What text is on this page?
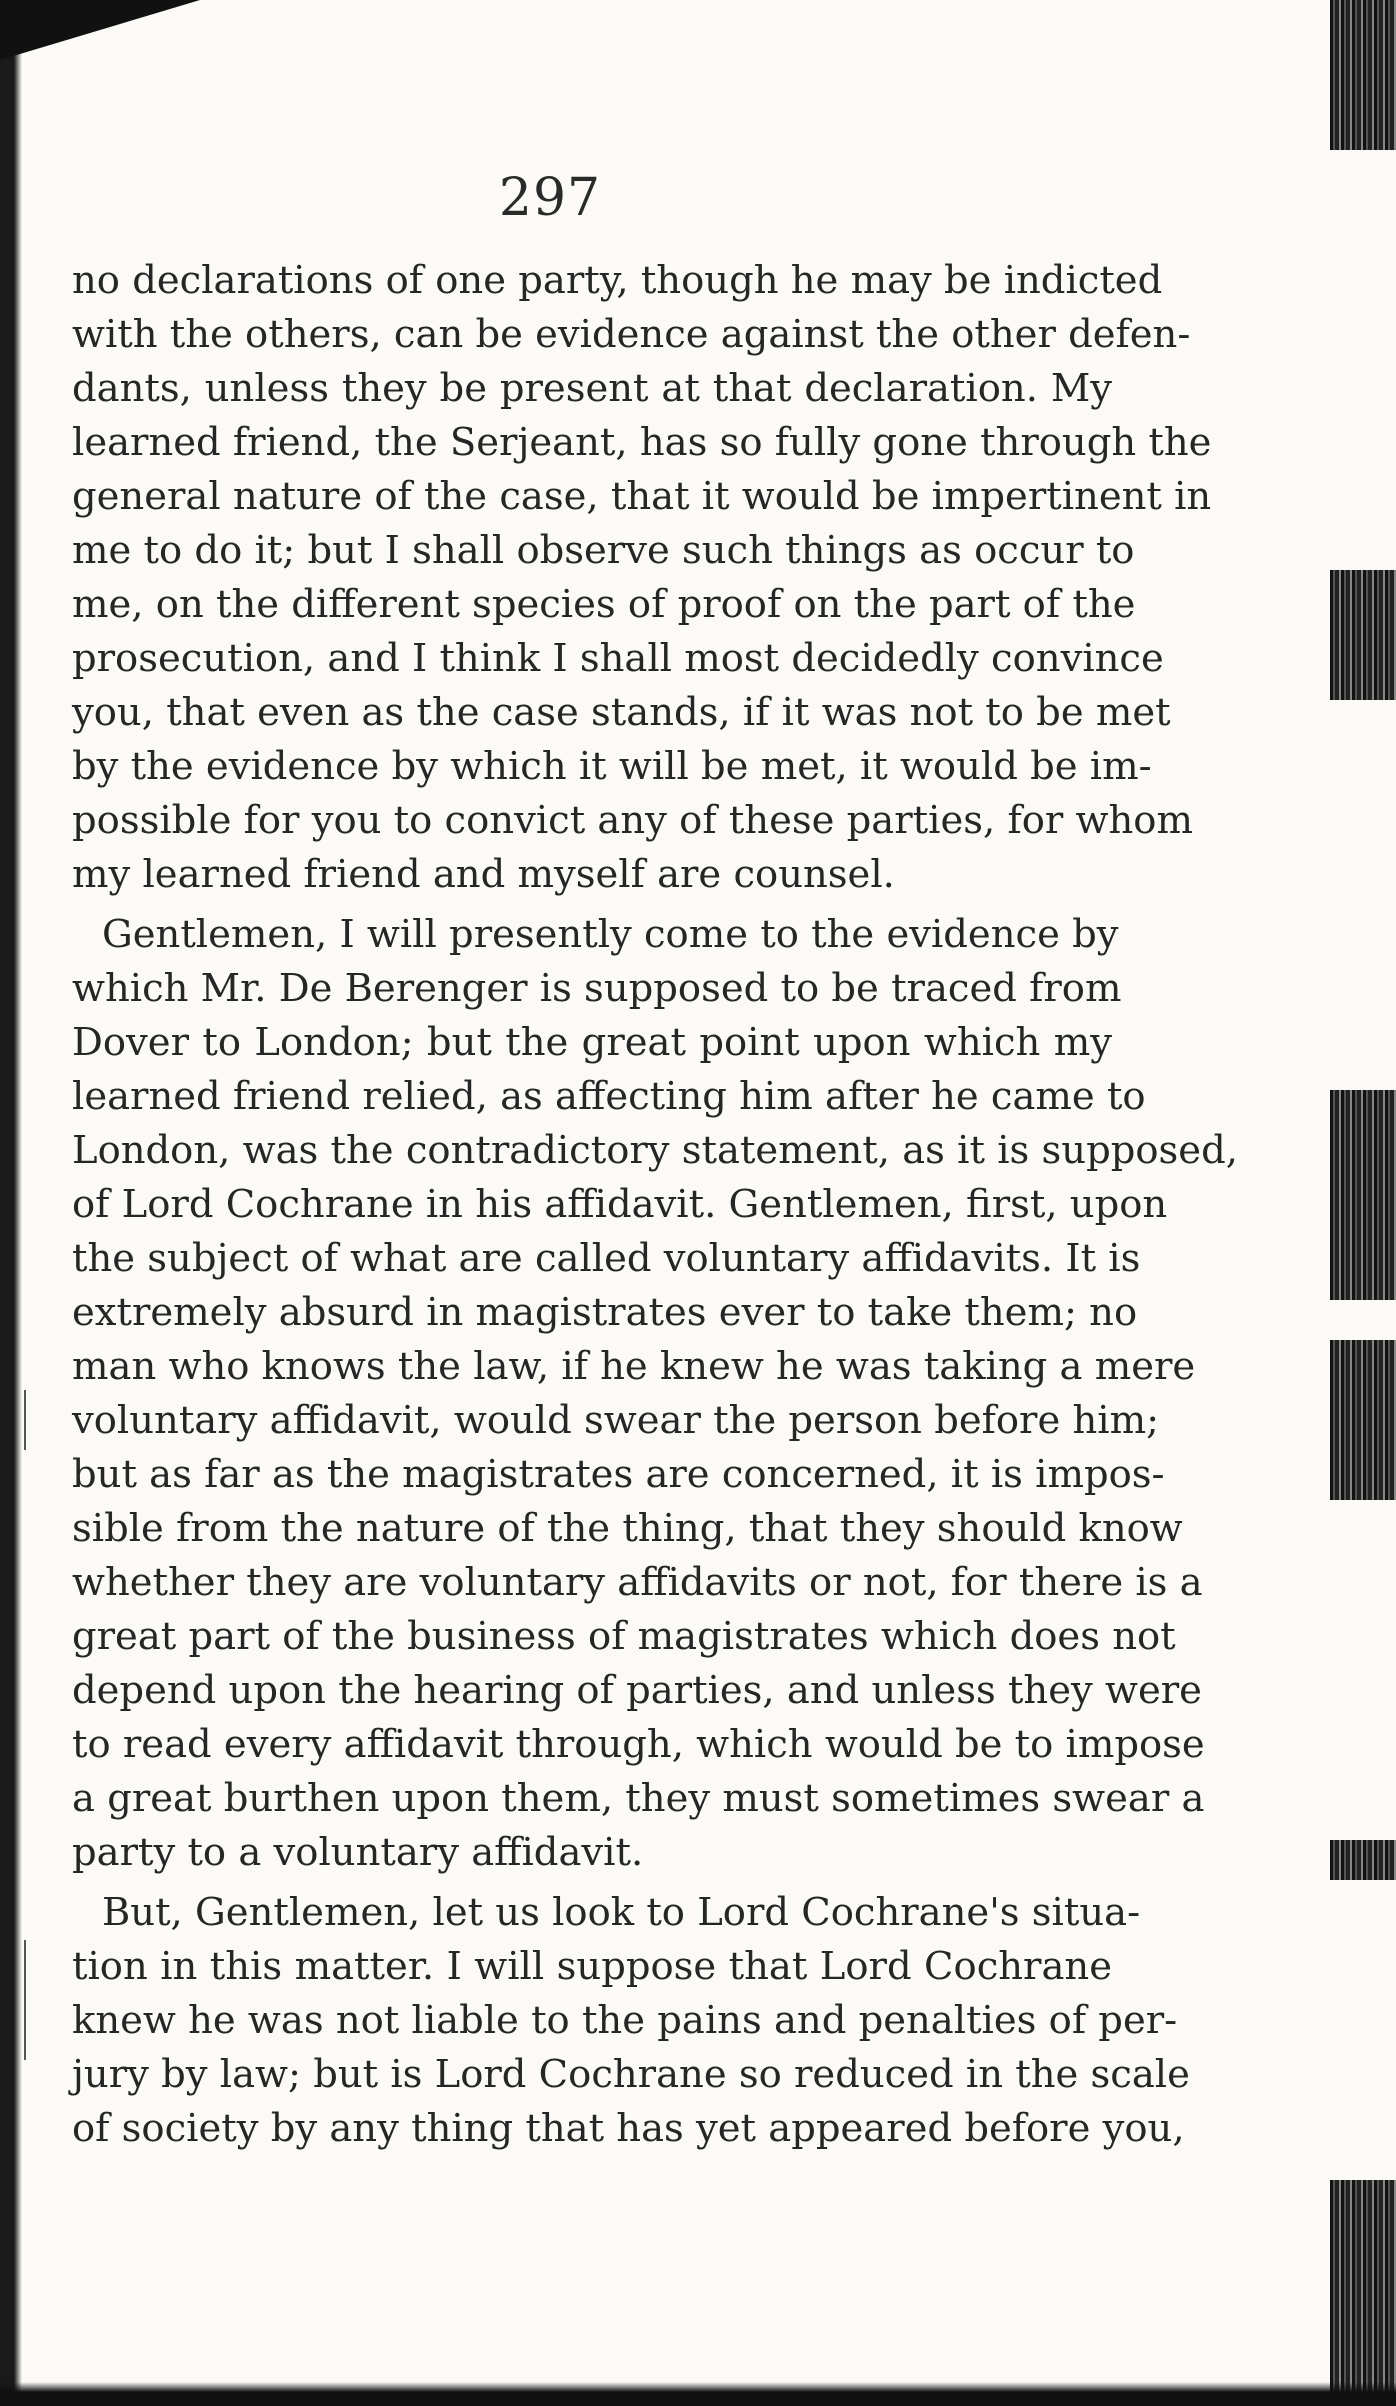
297
no declarations of one party, though he may be indicted
with the others, can be evidence against the other defen-
dants, unless they be present at that declaration. My
learned friend, the Serjeant, has so fully gone through the
general nature of the case, that it would be impertinent in
me to do it; but I shall observe such things as occur to
me, on the different species of proof on the part of the
prosecution, and I think I shall most decidedly convince
you, that even as the case stands, if it was not to be met
by the evidence by which it will be met, it would be im-
possible for you to convict any of these parties, for whom
my learned friend and myself are counsel.
Gentlemen, I will presently come to the evidence by
which Mr. De Berenger is supposed to be traced from
Dover to London; but the great point upon which my
learned friend relied, as affecting him after he came to
London, was the contradictory statement, as it is supposed,
of Lord Cochrane in his affidavit. Gentlemen, first, upon
the subject of what are called voluntary affidavits. It is
extremely absurd in magistrates ever to take them; no
man who knows the law, if he knew he was taking a mere
voluntary affidavit, would swear the person before him;
but as far as the magistrates are concerned, it is impos-
sible from the nature of the thing, that they should know
whether they are voluntary affidavits or not, for there is a
great part of the business of magistrates which does not
depend upon the hearing of parties, and unless they were
to read every affidavit through, which would be to impose
a great burthen upon them, they must sometimes swear a
party to a voluntary affidavit.
But, Gentlemen, let us look to Lord Cochrane's situa-
tion in this matter. I will suppose that Lord Cochrane
knew he was not liable to the pains and penalties of per-
jury by law; but is Lord Cochrane so reduced in the scale
of society by any thing that has yet appeared before you,
